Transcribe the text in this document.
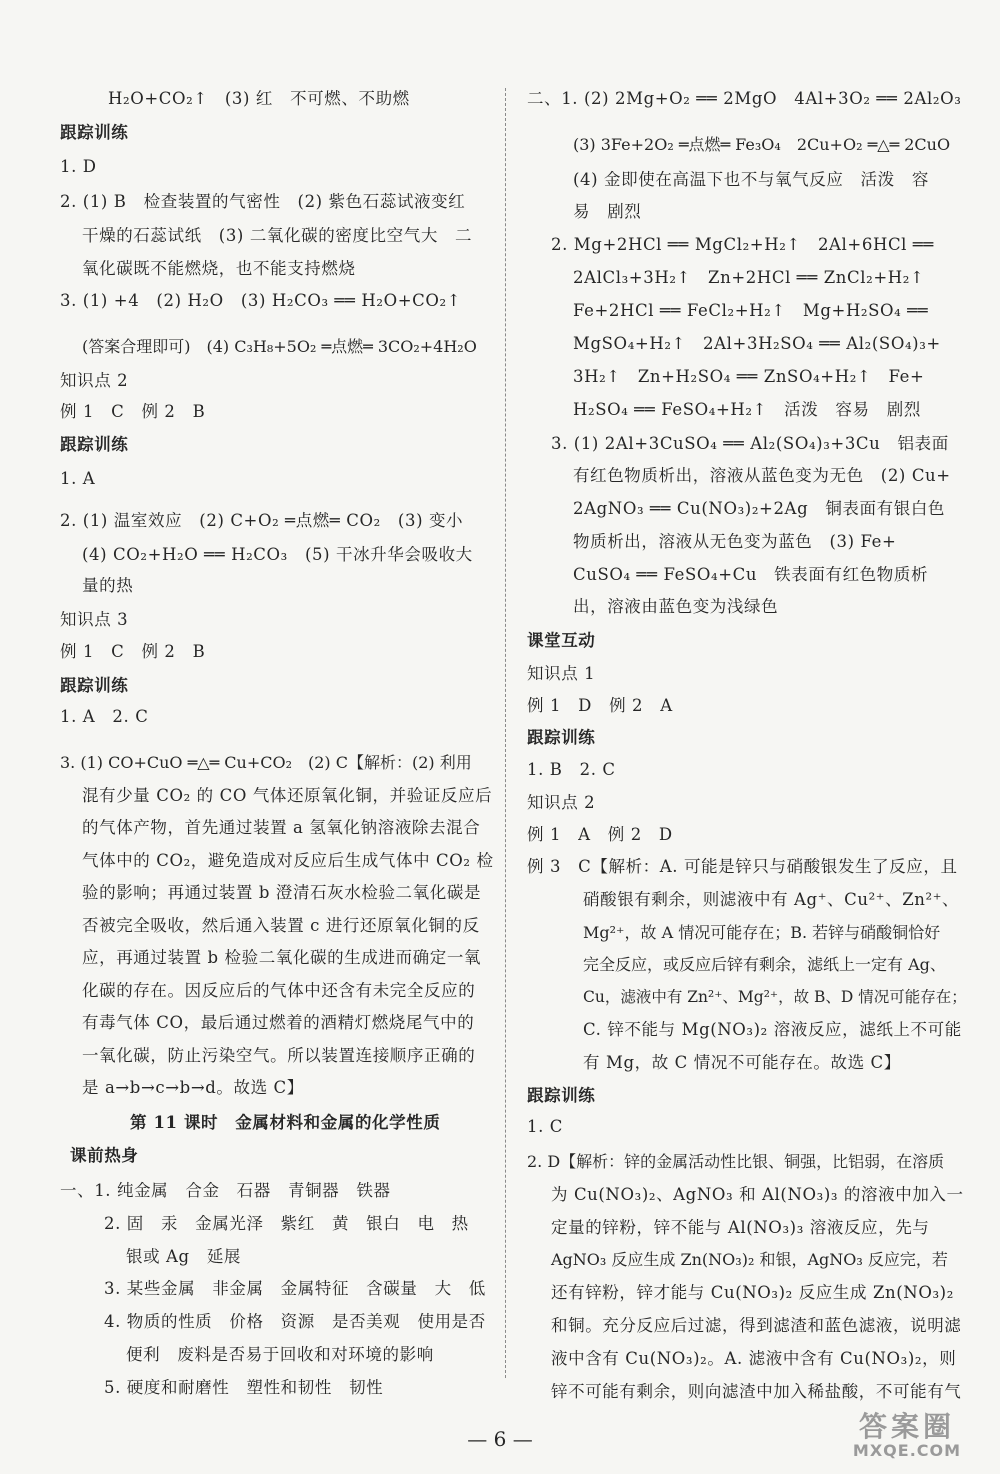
H₂O+CO₂↑　(3) 红　不可燃、不助燃
跟踪训练
1. D
2. (1) B　检查装置的气密性　(2) 紫色石蕊试液变红
干燥的石蕊试纸　(3) 二氧化碳的密度比空气大　二
氧化碳既不能燃烧，也不能支持燃烧
3. (1) +4　(2) H₂O　(3) H₂CO₃ ══ H₂O+CO₂↑
(答案合理即可)　(4) C₃H₈+5O₂ ═点燃═ 3CO₂+4H₂O
知识点 2
例 1　C　例 2　B
跟踪训练
1. A
2. (1) 温室效应　(2) C+O₂ ═点燃═ CO₂　(3) 变小
(4) CO₂+H₂O ══ H₂CO₃　(5) 干冰升华会吸收大
量的热
知识点 3
例 1　C　例 2　B
跟踪训练
1. A　2. C
3. (1) CO+CuO ═△═ Cu+CO₂　(2) C【解析：(2) 利用
混有少量 CO₂ 的 CO 气体还原氧化铜，并验证反应后
的气体产物，首先通过装置 a 氢氧化钠溶液除去混合
气体中的 CO₂，避免造成对反应后生成气体中 CO₂ 检
验的影响；再通过装置 b 澄清石灰水检验二氧化碳是
否被完全吸收，然后通入装置 c 进行还原氧化铜的反
应，再通过装置 b 检验二氧化碳的生成进而确定一氧
化碳的存在。因反应后的气体中还含有未完全反应的
有毒气体 CO，最后通过燃着的酒精灯燃烧尾气中的
一氧化碳，防止污染空气。所以装置连接顺序正确的
是 a→b→c→b→d。故选 C】
第 11 课时　金属材料和金属的化学性质
课前热身
一、1. 纯金属　合金　石器　青铜器　铁器
2. 固　汞　金属光泽　紫红　黄　银白　电　热
银或 Ag　延展
3. 某些金属　非金属　金属特征　含碳量　大　低
4. 物质的性质　价格　资源　是否美观　使用是否
便利　废料是否易于回收和对环境的影响
5. 硬度和耐磨性　塑性和韧性　韧性
二、1. (2) 2Mg+O₂ ══ 2MgO　4Al+3O₂ ══ 2Al₂O₃
(3) 3Fe+2O₂ ═点燃═ Fe₃O₄　2Cu+O₂ ═△═ 2CuO
(4) 金即使在高温下也不与氧气反应　活泼　容
易　剧烈
2. Mg+2HCl ══ MgCl₂+H₂↑　2Al+6HCl ══
2AlCl₃+3H₂↑　Zn+2HCl ══ ZnCl₂+H₂↑
Fe+2HCl ══ FeCl₂+H₂↑　Mg+H₂SO₄ ══
MgSO₄+H₂↑　2Al+3H₂SO₄ ══ Al₂(SO₄)₃+
3H₂↑　Zn+H₂SO₄ ══ ZnSO₄+H₂↑　Fe+
H₂SO₄ ══ FeSO₄+H₂↑　活泼　容易　剧烈
3. (1) 2Al+3CuSO₄ ══ Al₂(SO₄)₃+3Cu　铝表面
有红色物质析出，溶液从蓝色变为无色　(2) Cu+
2AgNO₃ ══ Cu(NO₃)₂+2Ag　铜表面有银白色
物质析出，溶液从无色变为蓝色　(3) Fe+
CuSO₄ ══ FeSO₄+Cu　铁表面有红色物质析
出，溶液由蓝色变为浅绿色
课堂互动
知识点 1
例 1　D　例 2　A
跟踪训练
1. B　2. C
知识点 2
例 1　A　例 2　D
例 3　C【解析：A. 可能是锌只与硝酸银发生了反应，且
硝酸银有剩余，则滤液中有 Ag⁺、Cu²⁺、Zn²⁺、
Mg²⁺，故 A 情况可能存在；B. 若锌与硝酸铜恰好
完全反应，或反应后锌有剩余，滤纸上一定有 Ag、
Cu，滤液中有 Zn²⁺、Mg²⁺，故 B、D 情况可能存在；
C. 锌不能与 Mg(NO₃)₂ 溶液反应，滤纸上不可能
有 Mg，故 C 情况不可能存在。故选 C】
跟踪训练
1. C
2. D【解析：锌的金属活动性比银、铜强，比铝弱，在溶质
为 Cu(NO₃)₂、AgNO₃ 和 Al(NO₃)₃ 的溶液中加入一
定量的锌粉，锌不能与 Al(NO₃)₃ 溶液反应，先与
AgNO₃ 反应生成 Zn(NO₃)₂ 和银，AgNO₃ 反应完，若
还有锌粉，锌才能与 Cu(NO₃)₂ 反应生成 Zn(NO₃)₂
和铜。充分反应后过滤，得到滤渣和蓝色滤液，说明滤
液中含有 Cu(NO₃)₂。A. 滤液中含有 Cu(NO₃)₂，则
锌不可能有剩余，则向滤渣中加入稀盐酸，不可能有气
— 6 —	答案圈
MXQE.COM
